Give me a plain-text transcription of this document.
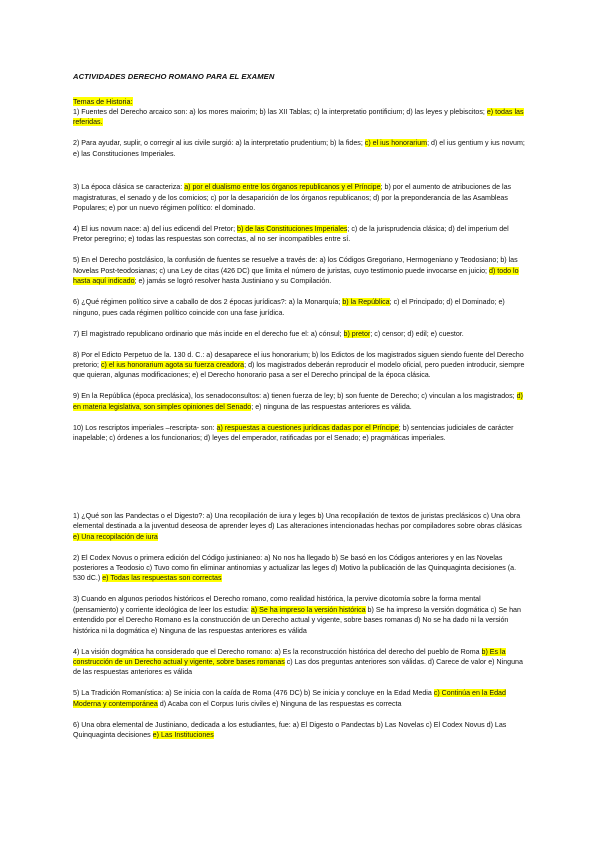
ACTIVIDADES DERECHO ROMANO PARA EL EXAMEN

Temas de Historia:

1) Fuentes del Derecho arcaico son: a) los mores maiorim; b) las XII Tablas; c) la interpretatio pontificium; d) las leyes y plebiscitos; e) todas las referidas.

2) Para ayudar, suplir, o corregir al ius civile surgió: a) la interpretatio prudentium; b) la fides; c) el ius honorarium; d) el ius gentium y ius novum; e) las Constituciones Imperiales.

3) La época clásica se caracteriza: a) por el dualismo entre los órganos republicanos y el Príncipe; b) por el aumento de atribuciones de las magistraturas, el senado y de los comicios; c) por la desaparición de los órganos republicanos; d) por la preponderancia de las Asambleas Populares; e) por un nuevo régimen político: el dominado.

4) El ius novum nace: a) del ius edicendi del Pretor; b) de las Constituciones Imperiales; c) de la jurisprudencia clásica; d) del imperium del Pretor peregrino; e) todas las respuestas son correctas, al no ser incompatibles entre sí.

5) En el Derecho postclásico, la confusión de fuentes se resuelve a través de: a) los Códigos Gregoriano, Hermogeniano y Teodosiano; b) las Novelas Post-teodosianas; c) una Ley de citas (426 DC) que limita el número de juristas, cuyo testimonio puede invocarse en juicio; d) todo lo hasta aquí indicado; e) jamás se logró resolver hasta Justiniano y su Compilación.

6) ¿Qué régimen político sirve a caballo de dos 2 épocas jurídicas?: a) la Monarquía; b) la República; c) el Principado; d) el Dominado; e) ninguno, pues cada régimen político coincide con una fase jurídica.

7) El magistrado republicano ordinario que más incide en el derecho fue el: a) cónsul; b) pretor; c) censor; d) edil; e) cuestor.

8) Por el Edicto Perpetuo de la. 130 d. C.: a) desaparece el ius honorarium; b) los Edictos de los magistrados siguen siendo fuente del Derecho pretorio; c) el ius honorarium agota su fuerza creadora; d) los magistrados deberán reproducir el modelo oficial, pero pueden introducir, siempre que quieran, algunas modificaciones; e) el Derecho honorario pasa a ser el Derecho principal de la época clásica.

9) En la República (época preclásica), los senadoconsultos: a) tienen fuerza de ley; b) son fuente de Derecho; c) vinculan a los magistrados; d) en materia legislativa, son simples opiniones del Senado; e) ninguna de las respuestas anteriores es válida.

10) Los rescriptos imperiales –rescripta- son: a) respuestas a cuestiones jurídicas dadas por el Príncipe; b) sentencias judiciales de carácter inapelable; c) órdenes a los funcionarios; d) leyes del emperador, ratificadas por el Senado; e) pragmáticas imperiales.

1) ¿Qué son las Pandectas o el Digesto?: a) Una recopilación de iura y leges b) Una recopilación de textos de juristas preclásicos c) Una obra elemental destinada a la juventud deseosa de aprender leyes d) Las alteraciones intencionadas hechas por compiladores sobre obras clásicas e) Una recopilación de iura

2) El Codex Novus o primera edición del Código justinianeo: a) No nos ha llegado b) Se basó en los Códigos anteriores y en las Novelas posteriores a Teodosio c) Tuvo como fin eliminar antinomias y actualizar las leges d) Motivo la publicación de las Quinquaginta decisiones (a. 530 dC.) e) Todas las respuestas son correctas

3) Cuando en algunos periodos históricos el Derecho romano, como realidad histórica, la pervive dicotomía sobre la forma mental (pensamiento) y corriente ideológica de leer los estudia: a) Se ha impreso la versión histórica b) Se ha impreso la versión dogmática c) Se han entendido por el Derecho Romano es la construcción de un Derecho actual y vigente, sobre bases romanas d) No se ha dado ni la versión histórica ni la dogmática e) Ninguna de las respuestas anteriores es válida

4) La visión dogmática ha considerado que el Derecho romano: a) Es la reconstrucción histórica del derecho del pueblo de Roma b) Es la construcción de un Derecho actual y vigente, sobre bases romanas c) Las dos preguntas anteriores son válidas. d) Carece de valor e) Ninguna de las respuestas anteriores es válida

5) La Tradición Romanística: a) Se inicia con la caída de Roma (476 DC) b) Se inicia y concluye en la Edad Media c) Continúa en la Edad Moderna y contemporánea d) Acaba con el Corpus Iuris civiles e) Ninguna de las respuestas es correcta

6) Una obra elemental de Justiniano, dedicada a los estudiantes, fue: a) El Digesto o Pandectas b) Las Novelas c) El Codex Novus d) Las Quinquaginta decisiones e) Las Instituciones
